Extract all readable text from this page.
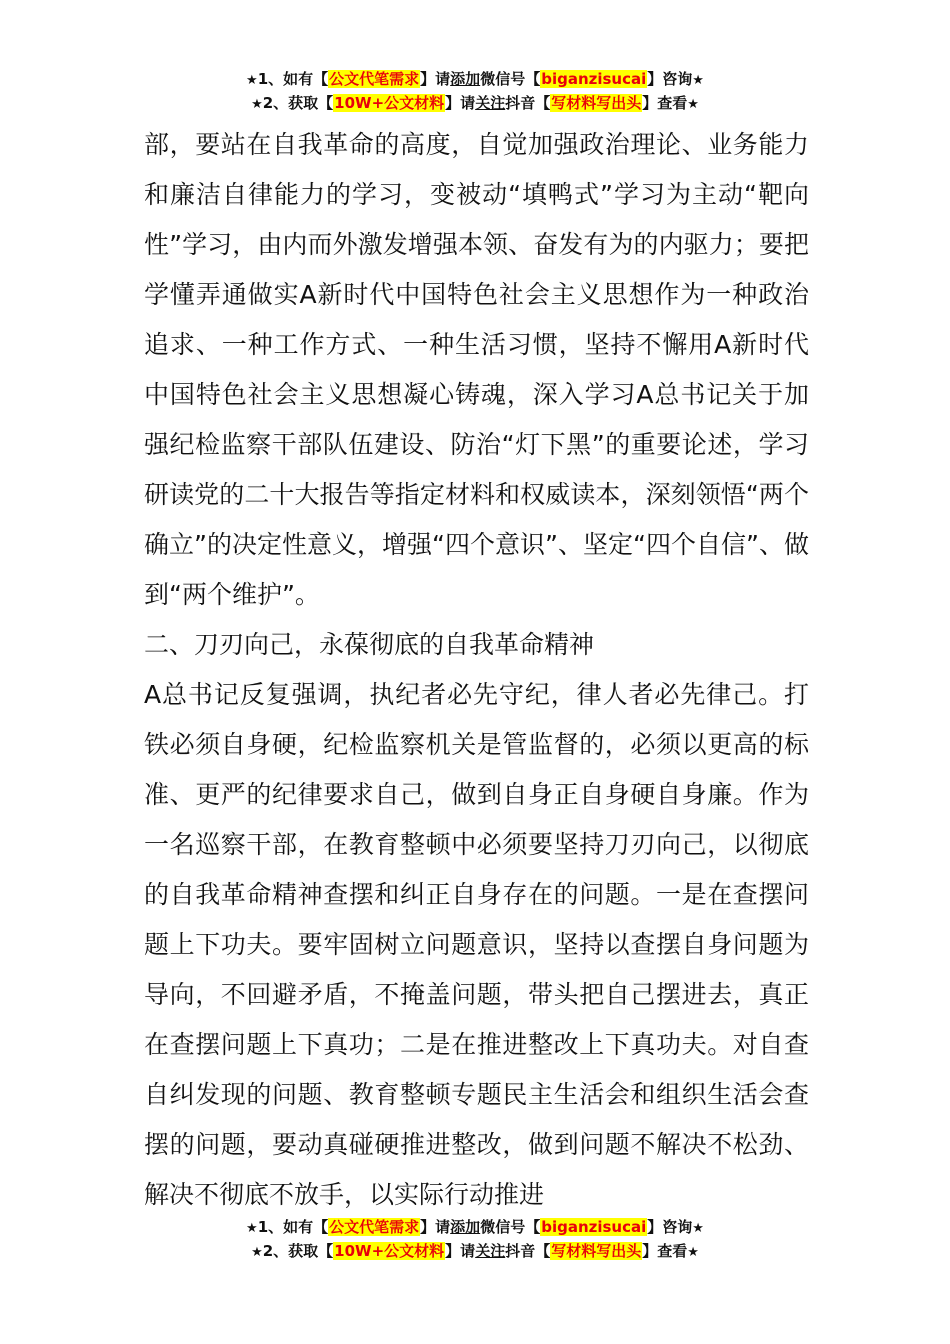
★1、如有【公文代笔需求】请添加微信号【biganzisucai】咨询★
★2、获取【10W+公文材料】请关注抖音【写材料写出头】查看★

部，要站在自我革命的高度，自觉加强政治理论、业务能力和廉洁自律能力的学习，变被动“填鸭式”学习为主动“靶向性”学习，由内而外激发增强本领、奋发有为的内驱力；要把学懂弄通做实A新时代中国特色社会主义思想作为一种政治追求、一种工作方式、一种生活习惯，坚持不懈用A新时代中国特色社会主义思想凝心铸魂，深入学习A总书记关于加强纪检监察干部队伍建设、防治“灯下黑”的重要论述，学习研读党的二十大报告等指定材料和权威读本，深刻领悟“两个确立”的决定性意义，增强“四个意识”、坚定“四个自信”、做到“两个维护”。

二、刀刃向己，永葆彻底的自我革命精神

A总书记反复强调，执纪者必先守纪，律人者必先律己。打铁必须自身硬，纪检监察机关是管监督的，必须以更高的标准、更严的纪律要求自己，做到自身正自身硬自身廉。作为一名巡察干部，在教育整顿中必须要坚持刀刃向己，以彻底的自我革命精神查摆和纠正自身存在的问题。一是在查摆问题上下功夫。要牢固树立问题意识，坚持以查摆自身问题为导向，不回避矛盾，不掩盖问题，带头把自己摆进去，真正在查摆问题上下真功；二是在推进整改上下真功夫。对自查自纠发现的问题、教育整顿专题民主生活会和组织生活会查摆的问题，要动真碰硬推进整改，做到问题不解决不松劲、解决不彻底不放手，以实际行动推进

★1、如有【公文代笔需求】请添加微信号【biganzisucai】咨询★
★2、获取【10W+公文材料】请关注抖音【写材料写出头】查看★
